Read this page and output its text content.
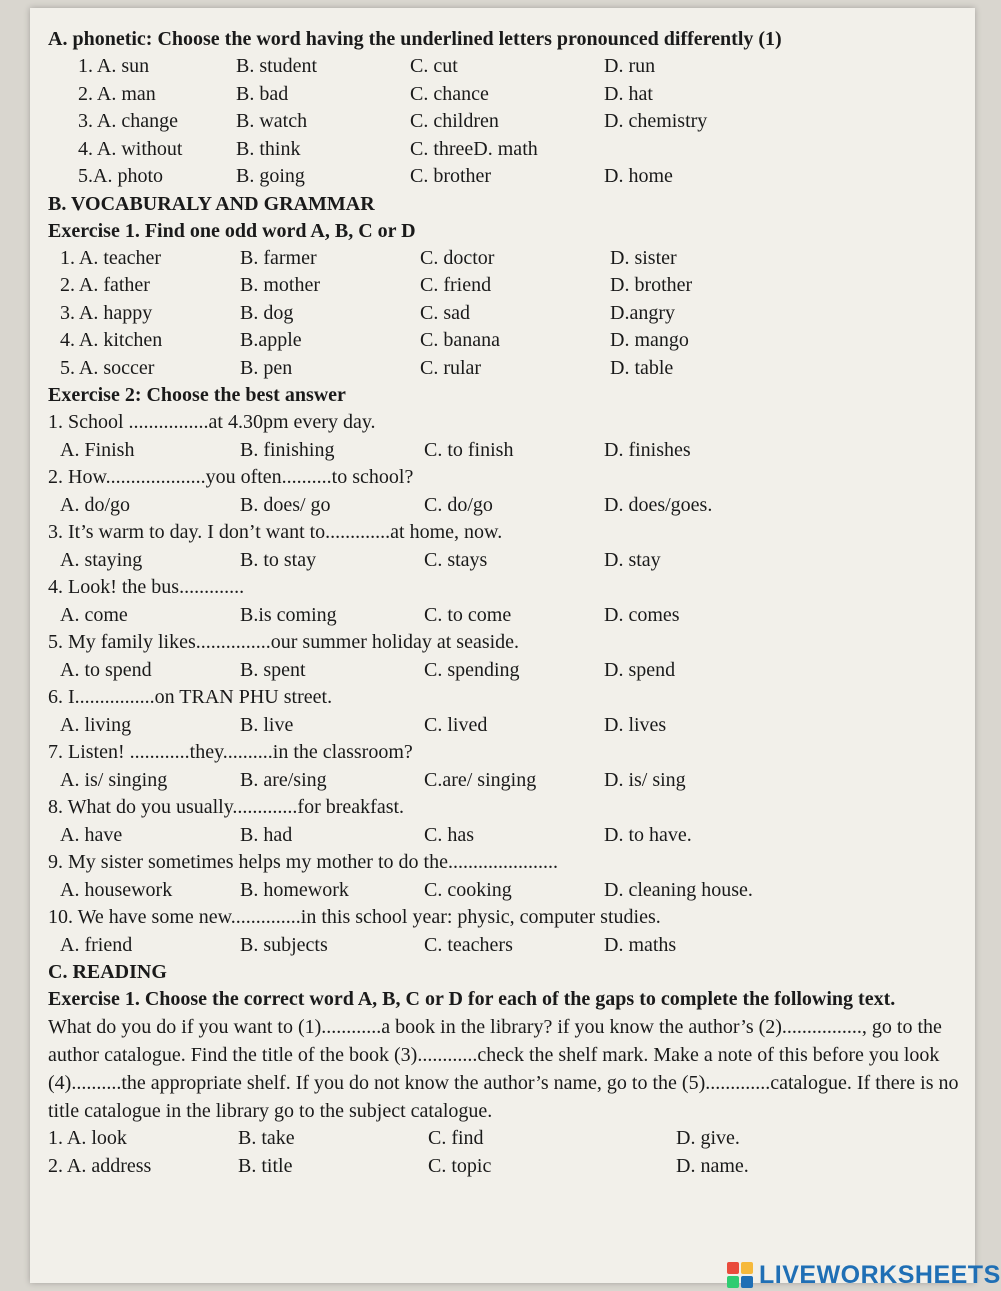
A. phonetic: Choose the word having the underlined letters pronounced differently (1)
1. A. sun	B. student	C. cut	D. run
2. A. man	B. bad	C. chance	D. hat
3. A. change	B. watch	C. children	D. chemistry
4. A. without	B. think	C. threeD. math
5.A. photo	B. going	C. brother	D. home
B. VOCABURALY AND GRAMMAR
Exercise 1. Find one odd word A, B, C or D
1. A. teacher	B. farmer	C. doctor	D. sister
2. A. father	B. mother	C. friend	D. brother
3. A. happy	B. dog	C. sad	D.angry
4. A. kitchen	B.apple	C. banana	D. mango
5. A. soccer	B. pen	C. rular	D. table
Exercise 2: Choose the best answer
1. School ................at 4.30pm every day.
A. Finish	B. finishing	C. to finish	D. finishes
2. How....................you often..........to school?
A. do/go	B. does/ go	C. do/go	D. does/goes.
3. It’s warm to day. I don’t want to.............at home, now.
A. staying	B. to stay	C. stays	D. stay
4. Look! the bus.............
A. come	B.is coming	C. to come	D. comes
5. My family likes...............our summer holiday at seaside.
A. to spend	B. spent	C. spending	D. spend
6. I................on TRAN PHU street.
A. living	B. live	C. lived	D. lives
7. Listen! ............they..........in the classroom?
A. is/ singing	B. are/sing	C.are/ singing	D. is/ sing
8. What do you usually.............for breakfast.
A. have	B. had	C. has	D. to have.
9. My sister sometimes helps my mother to do the......................
A. housework	B. homework	C. cooking	D. cleaning house.
10. We have some new..............in this school year: physic, computer studies.
A. friend	B. subjects	C. teachers	D. maths
C. READING
Exercise 1. Choose the correct word A, B, C or D for each of the gaps to complete the following text.
What do you do if you want to (1)............a book in the library? if you know the author’s (2)................, go to the author catalogue. Find the title of the book (3)............check the shelf mark. Make a note of this before you look (4)..........the appropriate shelf. If you do not know the author’s name, go to the (5).............catalogue. If there is no title catalogue in the library go to the subject catalogue.
1. A. look	B. take	C. find	D. give.
2. A. address	B. title	C. topic	D. name.
LIVEWORKSHEETS
